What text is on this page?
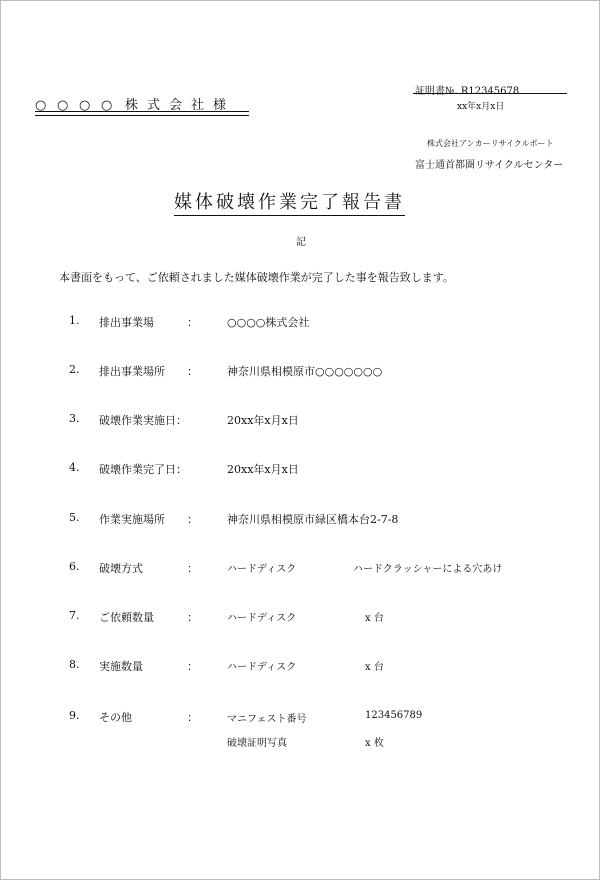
○ ○ ○ ○ 株式会社様
証明書№. R12345678
xx年x月x日
株式会社アンカーリサイクルポート
富士通首都圏リサイクルセンター
媒体破壊作業完了報告書
記
本書面をもって、ご依頼されました媒体破壊作業が完了した事を報告致します。
1. 排出事業場	：	○○○○株式会社
2. 排出事業場所 ：	神奈川県相模原市○○○○○○○
3. 破壊作業実施日：	20xx年x月x日
4. 破壊作業完了日：	20xx年x月x日
5. 作業実施場所 ：	神奈川県相模原市緑区橋本台2-7-8
6. 破壊方式	：	ハードディスク	ハードクラッシャーによる穴あけ
7. ご依頼数量	：	ハードディスク	x 台
8. 実施数量	：	ハードディスク	x 台
9. その他	：	マニフェスト番号	123456789
破壊証明写真	x 枚
